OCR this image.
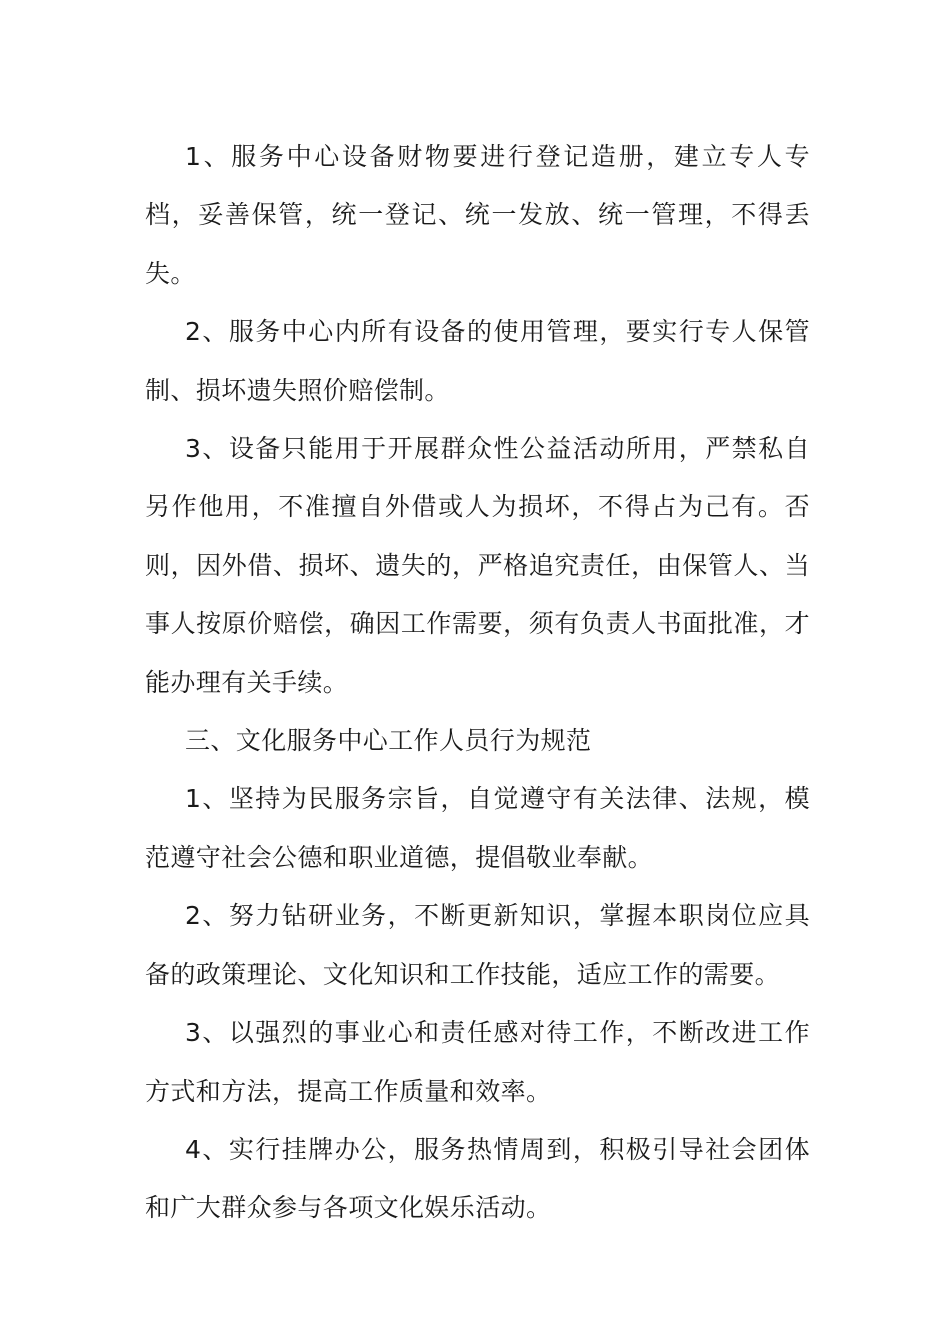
1、服务中心设备财物要进行登记造册，建立专人专档，妥善保管，统一登记、统一发放、统一管理，不得丢失。

2、服务中心内所有设备的使用管理，要实行专人保管制、损坏遗失照价赔偿制。

3、设备只能用于开展群众性公益活动所用，严禁私自另作他用，不准擅自外借或人为损坏，不得占为己有。否则，因外借、损坏、遗失的，严格追究责任，由保管人、当事人按原价赔偿，确因工作需要，须有负责人书面批准，才能办理有关手续。

三、文化服务中心工作人员行为规范

1、坚持为民服务宗旨，自觉遵守有关法律、法规，模范遵守社会公德和职业道德，提倡敬业奉献。

2、努力钻研业务，不断更新知识，掌握本职岗位应具备的政策理论、文化知识和工作技能，适应工作的需要。

3、以强烈的事业心和责任感对待工作，不断改进工作方式和方法，提高工作质量和效率。

4、实行挂牌办公，服务热情周到，积极引导社会团体和广大群众参与各项文化娱乐活动。
